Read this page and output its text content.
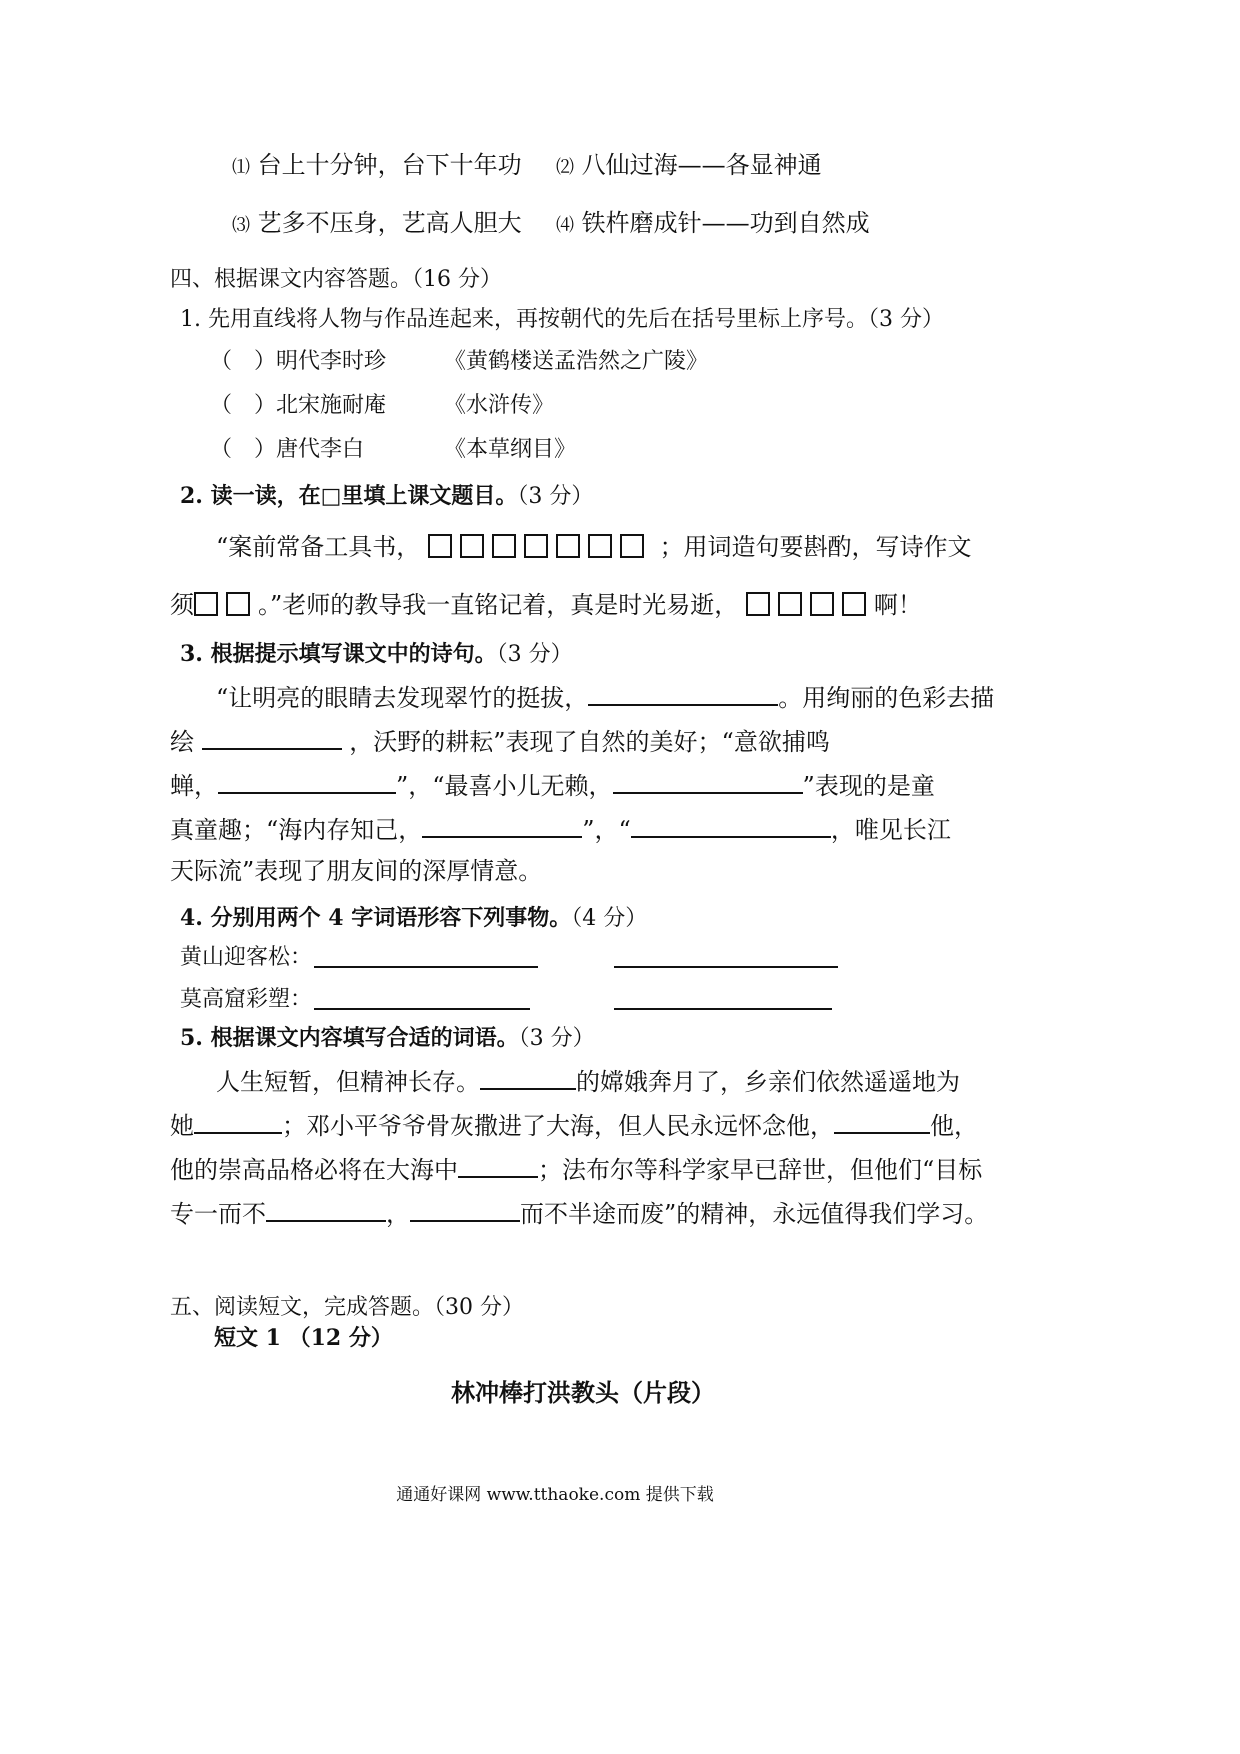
⑴ 台上十分钟，台下十年功 ⑵ 八仙过海——各显神通
⑶ 艺多不压身，艺高人胆大 ⑷ 铁杵磨成针——功到自然成
四、根据课文内容答题。（16 分）
1. 先用直线将人物与作品连起来，再按朝代的先后在括号里标上序号。（3 分）
（　）明代李时珍	《黄鹤楼送孟浩然之广陵》
（　）北宋施耐庵	《水浒传》
（　）唐代李白	《本草纲目》
2. 读一读，在□里填上课文题目。（3 分）
“案前常备工具书，	；用词造句要斟酌，写诗作文
须	。”老师的教导我一直铭记着，真是时光易逝，	啊！
3. 根据提示填写课文中的诗句。（3 分）
“让明亮的眼睛去发现翠竹的挺拔，	。用绚丽的色彩去描
绘	，沃野的耕耘”表现了自然的美好；“意欲捕鸣
蝉，	”，“最喜小儿无赖，	”表现的是童
真童趣；“海内存知己，	”，“	，唯见长江
天际流”表现了朋友间的深厚情意。
4. 分别用两个 4 字词语形容下列事物。（4 分）
黄山迎客松：
莫高窟彩塑：
5. 根据课文内容填写合适的词语。（3 分）
人生短暂，但精神长存。	的嫦娥奔月了，乡亲们依然遥遥地为
她	；邓小平爷爷骨灰撒进了大海，但人民永远怀念他，	他，
他的崇高品格必将在大海中	；法布尔等科学家早已辞世，但他们“目标
专一而不	，	而不半途而废”的精神，永远值得我们学习。
五、阅读短文，完成答题。（30 分）
短文 1 （12 分）
林冲棒打洪教头（片段）
通通好课网 www.tthaoke.com 提供下载
